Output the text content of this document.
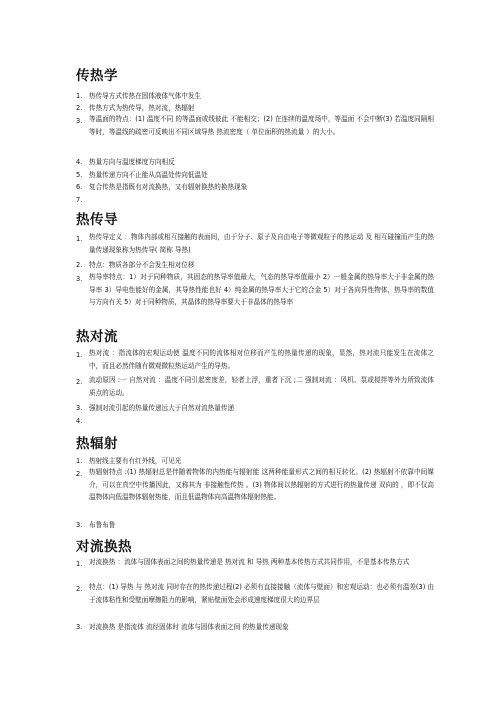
传热学
1. 热传导方式传热在固体液体气体中发生
2. 传热方式为热传导，热对流，热辐射
3. 等温面的特点：(1) 温度不同 的等温面或线彼此 不能相交；(2) 在连续的温度场中，等温面 不会中断(3) 若温度同隔相等时，等温线的疏密可反映出不同区域导热 热流密度（ 单位面积的热流量 ）的大小。
4. 热量方向与温度梯度方向相反
5. 热量传递方向不止能从高温处传向低温处
6. 复合传热是指既有对流换热，又有辐射换热的换热现象
7.
热传导
1. 热传导定义 ：物体内部或相互接触的表面间，由于分子、原子及自由电子等微观粒子的热运动 及 相互碰撞而产生的热量传递现象称为热传导( 简称 导热)
2. 特点：物质各部分不会发生相对位移
3. 热导率特点：1）对于同种物质，其固态的热导率值最大，气态的热导率值最小 2）一般金属的热导率大于非金属的热导率 3）导电性能好的金属，其导热性能也好 4）纯金属的热导率大于它的合金 5）对于各向异性物体，热导率的数值与方向有关 5）对于同种物质，其晶体的热导率要大于非晶体的热导率
热对流
1. 热对流 ：指流体的宏观运动使 温度不同的流体相对位移而产生的热量传递的现象，显然，热对流只能发生在流体之中，而且必然伴随有微观微粒热运动产生的导热。
2. 流动原因 :一 自然对流 ：温度不同引起密度差，轻者上浮，重者下沉 ;二 强制对流 ：风机、泵或搅拌等外力所致流体质点的运动。
3. 强制对流引起的热量传递远大于自然对流热量传递
4.
热辐射
1. 热射线主要有有红外线，可见光
2. 热辐射特点 :(1) 热辐射总是伴随着物体的内热能与辐射能 这两种能量形式之间的相互转化。(2) 热辐射不依靠中间媒介，可以在真空中传播因此，又称其为 非接触性传热 。(3) 物体间以热辐射的方式进行的热量传递 双向的 ，即不仅高温物体向低温物体辐射热能，而且低温物体向高温物体辐射热能。
3. 布鲁布鲁
对流换热
1. 对流换热 ：流体与固体表面之间的热量传递是 热对流 和 导热 两种基本传热方式共同作用，不是基本传热方式
2. 特点：(1) 导热 与 热对流 同时存在的热传递过程(2) 必须有直接接触（流体与壁面）和宏观运动：也必须有温差(3) 由于流体粘性和受壁面摩擦阻力的影响，紧贴壁面处会形成速度梯度很大的边界层
3. 对流换热 是指流体 流经固体时 流体与固体表面之间 的热量传递现象
